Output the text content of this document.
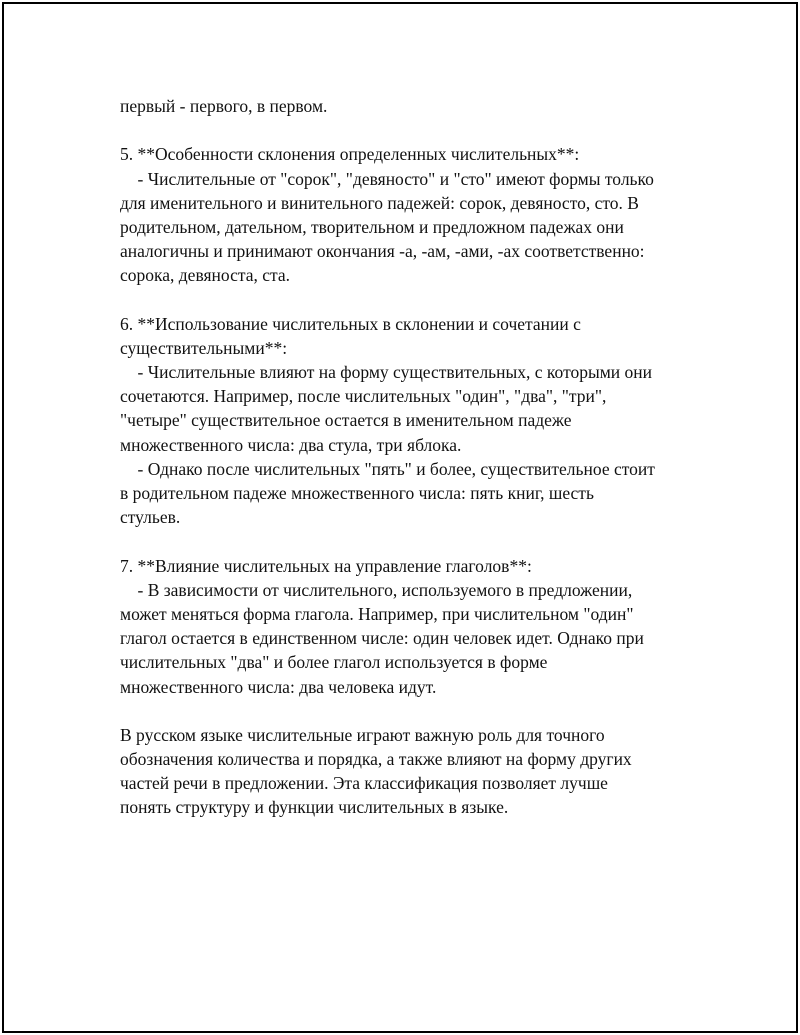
первый - первого, в первом.
5. **Особенности склонения определенных числительных**:
- Числительные от "сорок", "девяносто" и "сто" имеют формы только
для именительного и винительного падежей: сорок, девяносто, сто. В
родительном, дательном, творительном и предложном падежах они
аналогичны и принимают окончания -а, -ам, -ами, -ах соответственно:
сорока, девяноста, ста.
6. **Использование числительных в склонении и сочетании с
существительными**:
- Числительные влияют на форму существительных, с которыми они
сочетаются. Например, после числительных "один", "два", "три",
"четыре" существительное остается в именительном падеже
множественного числа: два стула, три яблока.
- Однако после числительных "пять" и более, существительное стоит
в родительном падеже множественного числа: пять книг, шесть
стульев.
7. **Влияние числительных на управление глаголов**:
- В зависимости от числительного, используемого в предложении,
может меняться форма глагола. Например, при числительном "один"
глагол остается в единственном числе: один человек идет. Однако при
числительных "два" и более глагол используется в форме
множественного числа: два человека идут.
В русском языке числительные играют важную роль для точного
обозначения количества и порядка, а также влияют на форму других
частей речи в предложении. Эта классификация позволяет лучше
понять структуру и функции числительных в языке.
